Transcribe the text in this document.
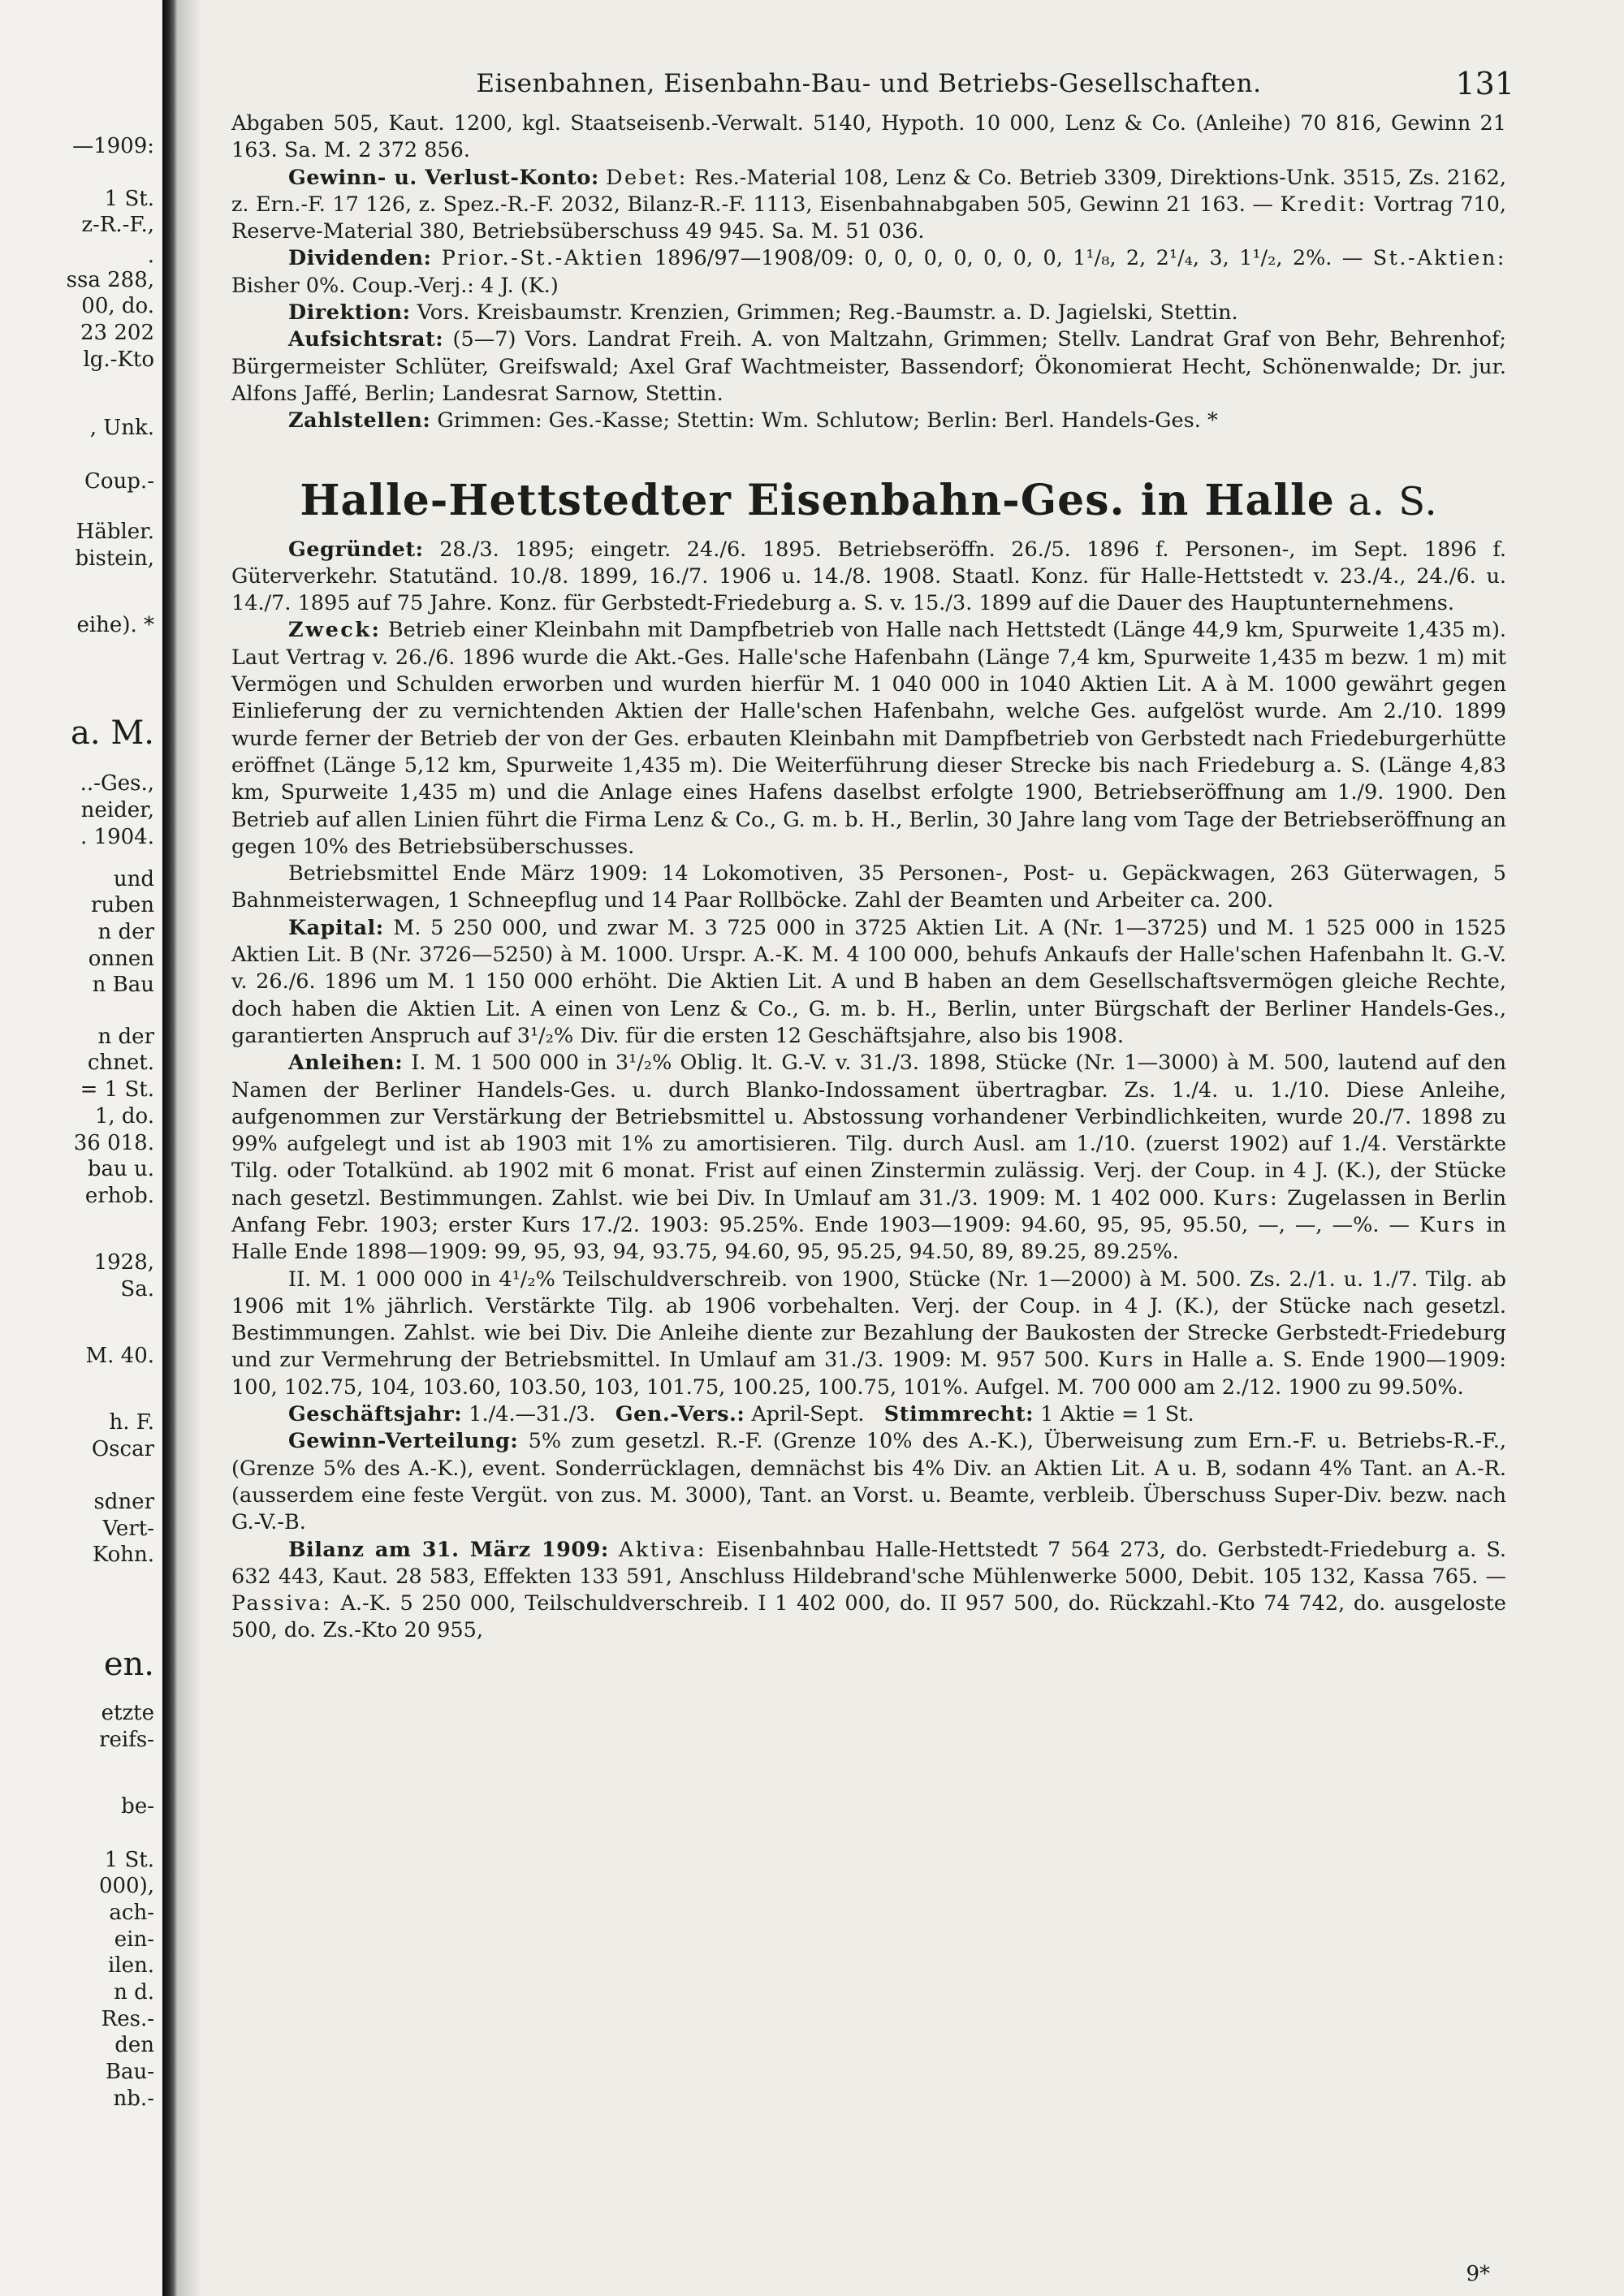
—1909:
1 St.
z-R.-F.,
.
ssa 288,
00, do.
23 202
lg.-Kto
, Unk.
Coup.-
Häbler.
bistein,
eihe). *
a. M.
..-Ges.,
neider,
. 1904.
und
ruben
n der
onnen
n Bau
n der
chnet.
= 1 St.
1, do.
36 018.
bau u.
erhob.
1928,
Sa.
M. 40.
h. F.
Oscar
sdner
Vert-
Kohn.
en.
etzte
reifs-
be-
1 St.
000),
ach-
ein-
ilen.
n d.
Res.-
den
Bau-
nb.-
Eisenbahnen, Eisenbahn-Bau- und Betriebs-Gesellschaften.	131

Abgaben 505, Kaut. 1200, kgl. Staatseisenb.-Verwalt. 5140, Hypoth. 10 000, Lenz & Co. (Anleihe) 70 816, Gewinn 21 163. Sa. M. 2 372 856.

Gewinn- u. Verlust-Konto: Debet: Res.-Material 108, Lenz & Co. Betrieb 3309, Direktions-Unk. 3515, Zs. 2162, z. Ern.-F. 17 126, z. Spez.-R.-F. 2032, Bilanz-R.-F. 1113, Eisenbahnabgaben 505, Gewinn 21 163. — Kredit: Vortrag 710, Reserve-Material 380, Betriebsüberschuss 49 945. Sa. M. 51 036.

Dividenden: Prior.-St.-Aktien 1896/97—1908/09: 0, 0, 0, 0, 0, 0, 0, 1¹/₈, 2, 2¹/₄, 3, 1¹/₂, 2%. — St.-Aktien: Bisher 0%. Coup.-Verj.: 4 J. (K.)

Direktion: Vors. Kreisbaumstr. Krenzien, Grimmen; Reg.-Baumstr. a. D. Jagielski, Stettin.

Aufsichtsrat: (5—7) Vors. Landrat Freih. A. von Maltzahn, Grimmen; Stellv. Landrat Graf von Behr, Behrenhof; Bürgermeister Schlüter, Greifswald; Axel Graf Wachtmeister, Bassendorf; Ökonomierat Hecht, Schönenwalde; Dr. jur. Alfons Jaffé, Berlin; Landesrat Sarnow, Stettin.

Zahlstellen: Grimmen: Ges.-Kasse; Stettin: Wm. Schlutow; Berlin: Berl. Handels-Ges. *

Halle-Hettstedter Eisenbahn-Ges. in Halle a. S.

Gegründet: 28./3. 1895; eingetr. 24./6. 1895. Betriebseröffn. 26./5. 1896 f. Personen-, im Sept. 1896 f. Güterverkehr. Statutänd. 10./8. 1899, 16./7. 1906 u. 14./8. 1908. Staatl. Konz. für Halle-Hettstedt v. 23./4., 24./6. u. 14./7. 1895 auf 75 Jahre. Konz. für Gerbstedt-Friedeburg a. S. v. 15./3. 1899 auf die Dauer des Hauptunternehmens.

Zweck: Betrieb einer Kleinbahn mit Dampfbetrieb von Halle nach Hettstedt (Länge 44,9 km, Spurweite 1,435 m). Laut Vertrag v. 26./6. 1896 wurde die Akt.-Ges. Halle'sche Hafenbahn (Länge 7,4 km, Spurweite 1,435 m bezw. 1 m) mit Vermögen und Schulden erworben und wurden hierfür M. 1 040 000 in 1040 Aktien Lit. A à M. 1000 gewährt gegen Einlieferung der zu vernichtenden Aktien der Halle'schen Hafenbahn, welche Ges. aufgelöst wurde. Am 2./10. 1899 wurde ferner der Betrieb der von der Ges. erbauten Kleinbahn mit Dampfbetrieb von Gerbstedt nach Friedeburgerhütte eröffnet (Länge 5,12 km, Spurweite 1,435 m). Die Weiterführung dieser Strecke bis nach Friedeburg a. S. (Länge 4,83 km, Spurweite 1,435 m) und die Anlage eines Hafens daselbst erfolgte 1900, Betriebseröffnung am 1./9. 1900. Den Betrieb auf allen Linien führt die Firma Lenz & Co., G. m. b. H., Berlin, 30 Jahre lang vom Tage der Betriebseröffnung an gegen 10% des Betriebsüberschusses.

Betriebsmittel Ende März 1909: 14 Lokomotiven, 35 Personen-, Post- u. Gepäckwagen, 263 Güterwagen, 5 Bahnmeisterwagen, 1 Schneepflug und 14 Paar Rollböcke. Zahl der Beamten und Arbeiter ca. 200.

Kapital: M. 5 250 000, und zwar M. 3 725 000 in 3725 Aktien Lit. A (Nr. 1—3725) und M. 1 525 000 in 1525 Aktien Lit. B (Nr. 3726—5250) à M. 1000. Urspr. A.-K. M. 4 100 000, behufs Ankaufs der Halle'schen Hafenbahn lt. G.-V. v. 26./6. 1896 um M. 1 150 000 erhöht. Die Aktien Lit. A und B haben an dem Gesellschaftsvermögen gleiche Rechte, doch haben die Aktien Lit. A einen von Lenz & Co., G. m. b. H., Berlin, unter Bürgschaft der Berliner Handels-Ges., garantierten Anspruch auf 3¹/₂% Div. für die ersten 12 Geschäftsjahre, also bis 1908.

Anleihen: I. M. 1 500 000 in 3¹/₂% Oblig. lt. G.-V. v. 31./3. 1898, Stücke (Nr. 1—3000) à M. 500, lautend auf den Namen der Berliner Handels-Ges. u. durch Blanko-Indossament übertragbar. Zs. 1./4. u. 1./10. Diese Anleihe, aufgenommen zur Verstärkung der Betriebsmittel u. Abstossung vorhandener Verbindlichkeiten, wurde 20./7. 1898 zu 99% aufgelegt und ist ab 1903 mit 1% zu amortisieren. Tilg. durch Ausl. am 1./10. (zuerst 1902) auf 1./4. Verstärkte Tilg. oder Totalkünd. ab 1902 mit 6 monat. Frist auf einen Zinstermin zulässig. Verj. der Coup. in 4 J. (K.), der Stücke nach gesetzl. Bestimmungen. Zahlst. wie bei Div. In Umlauf am 31./3. 1909: M. 1 402 000. Kurs: Zugelassen in Berlin Anfang Febr. 1903; erster Kurs 17./2. 1903: 95.25%. Ende 1903—1909: 94.60, 95, 95, 95.50, —, —, —%. — Kurs in Halle Ende 1898—1909: 99, 95, 93, 94, 93.75, 94.60, 95, 95.25, 94.50, 89, 89.25, 89.25%.

II. M. 1 000 000 in 4¹/₂% Teilschuldverschreib. von 1900, Stücke (Nr. 1—2000) à M. 500. Zs. 2./1. u. 1./7. Tilg. ab 1906 mit 1% jährlich. Verstärkte Tilg. ab 1906 vorbehalten. Verj. der Coup. in 4 J. (K.), der Stücke nach gesetzl. Bestimmungen. Zahlst. wie bei Div. Die Anleihe diente zur Bezahlung der Baukosten der Strecke Gerbstedt-Friedeburg und zur Vermehrung der Betriebsmittel. In Umlauf am 31./3. 1909: M. 957 500. Kurs in Halle a. S. Ende 1900—1909: 100, 102.75, 104, 103.60, 103.50, 103, 101.75, 100.25, 100.75, 101%. Aufgel. M. 700 000 am 2./12. 1900 zu 99.50%.

Geschäftsjahr: 1./4.—31./3. Gen.-Vers.: April-Sept. Stimmrecht: 1 Aktie = 1 St.

Gewinn-Verteilung: 5% zum gesetzl. R.-F. (Grenze 10% des A.-K.), Überweisung zum Ern.-F. u. Betriebs-R.-F., (Grenze 5% des A.-K.), event. Sonderrücklagen, demnächst bis 4% Div. an Aktien Lit. A u. B, sodann 4% Tant. an A.-R. (ausserdem eine feste Vergüt. von zus. M. 3000), Tant. an Vorst. u. Beamte, verbleib. Überschuss Super-Div. bezw. nach G.-V.-B.

Bilanz am 31. März 1909: Aktiva: Eisenbahnbau Halle-Hettstedt 7 564 273, do. Gerbstedt-Friedeburg a. S. 632 443, Kaut. 28 583, Effekten 133 591, Anschluss Hildebrand'sche Mühlenwerke 5000, Debit. 105 132, Kassa 765. — Passiva: A.-K. 5 250 000, Teilschuldverschreib. I 1 402 000, do. II 957 500, do. Rückzahl.-Kto 74 742, do. ausgeloste 500, do. Zs.-Kto 20 955,

9*
